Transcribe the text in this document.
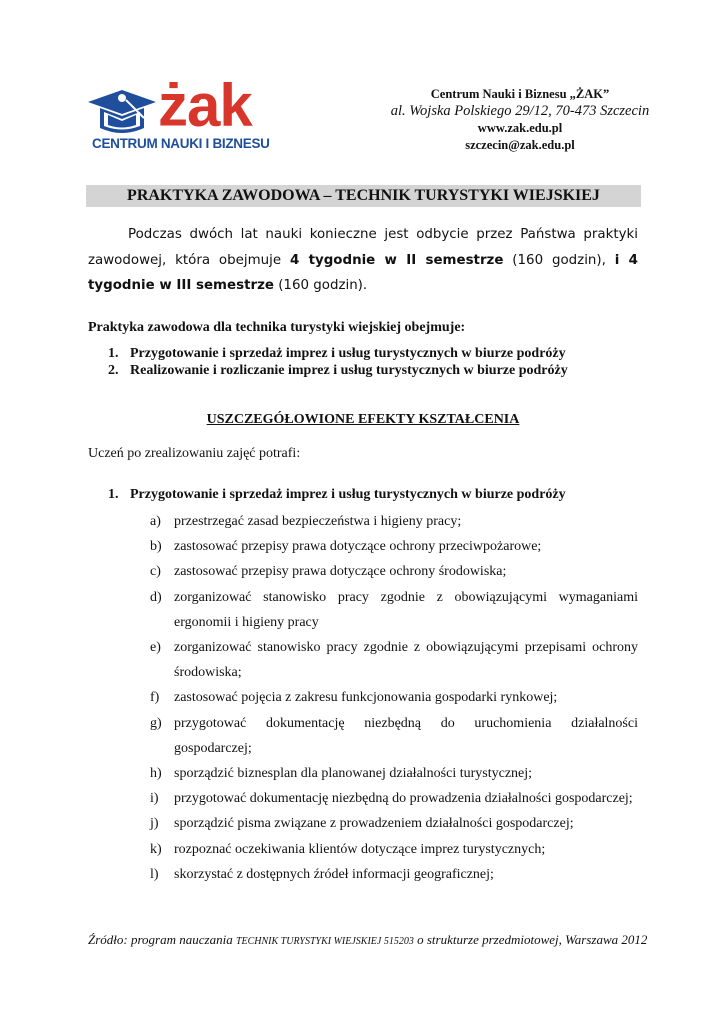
żak
CENTRUM NAUKI I BIZNESU
Centrum Nauki i Biznesu „ŻAK”
al. Wojska Polskiego 29/12, 70-473 Szczecin
www.zak.edu.pl
szczecin@zak.edu.pl
PRAKTYKA ZAWODOWA – TECHNIK TURYSTYKI WIEJSKIEJ
Podczas dwóch lat nauki konieczne jest odbycie przez Państwa praktyki zawodowej, która obejmuje 4 tygodnie w II semestrze (160 godzin), i 4 tygodnie w III semestrze (160 godzin).
Praktyka zawodowa dla technika turystyki wiejskiej obejmuje:
1. Przygotowanie i sprzedaż imprez i usług turystycznych w biurze podróży
2. Realizowanie i rozliczanie imprez i usług turystycznych w biurze podróży
USZCZEGÓŁOWIONE EFEKTY KSZTAŁCENIA
Uczeń po zrealizowaniu zajęć potrafi:
1. Przygotowanie i sprzedaż imprez i usług turystycznych w biurze podróży
a) przestrzegać zasad bezpieczeństwa i higieny pracy;
b) zastosować przepisy prawa dotyczące ochrony przeciwpożarowe;
c) zastosować przepisy prawa dotyczące ochrony środowiska;
d) zorganizować stanowisko pracy zgodnie z obowiązującymi wymaganiami ergonomii i higieny pracy
e) zorganizować stanowisko pracy zgodnie z obowiązującymi przepisami ochrony środowiska;
f)	zastosować pojęcia z zakresu funkcjonowania gospodarki rynkowej;
g) przygotować dokumentację niezbędną do uruchomienia działalności gospodarczej;
h) sporządzić biznesplan dla planowanej działalności turystycznej;
i)	przygotować dokumentację niezbędną do prowadzenia działalności gospodarczej;
j)	sporządzić pisma związane z prowadzeniem działalności gospodarczej;
k) rozpoznać oczekiwania klientów dotyczące imprez turystycznych;
l)	skorzystać z dostępnych źródeł informacji geograficznej;
Źródło: program nauczania TECHNIK TURYSTYKI WIEJSKIEJ 515203 o strukturze przedmiotowej, Warszawa 2012
